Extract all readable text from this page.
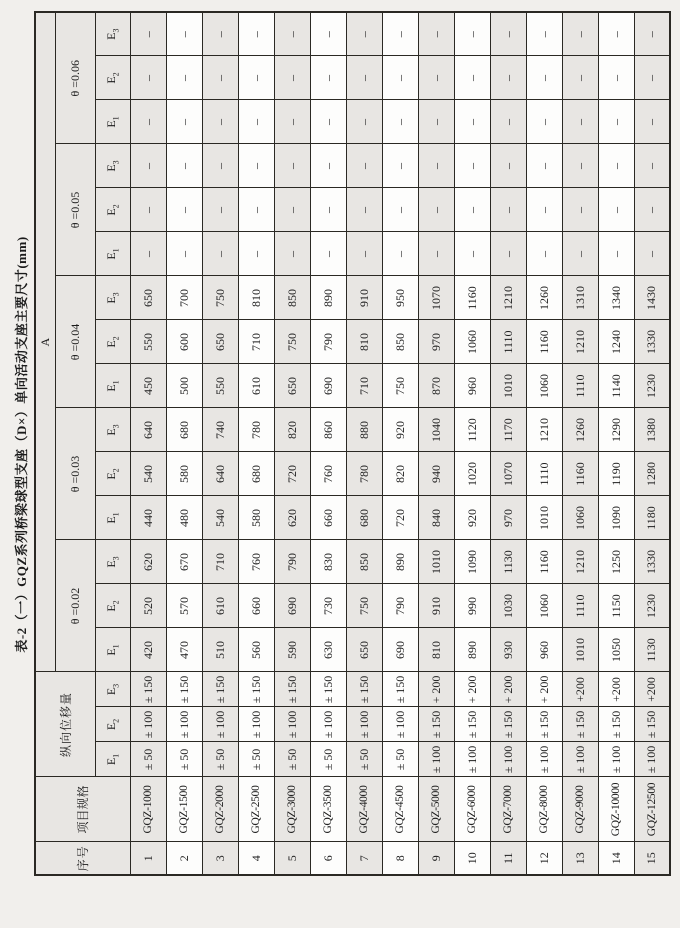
表-2（一）GQZ系列桥梁球型支座（D×）单向活动支座主要尺寸(mm)
序号	项目规格	纵向位移量			A														
					θ =0.02			θ =0.03			θ =0.04			θ =0.05			θ =0.06		
		$E_1$	$E_2$	$E_3$	$E_1$	$E_2$	$E_3$	$E_1$	$E_2$	$E_3$	$E_1$	$E_2$	$E_3$	$E_1$	$E_2$	$E_3$	$E_1$	$E_2$	$E_3$
1	GQZ-1000	± 50	± 100	± 150	420	520	620	440	540	640	450	550	650	–	–	–	–	–	–
2	GQZ-1500	± 50	± 100	± 150	470	570	670	480	580	680	500	600	700	–	–	–	–	–	–
3	GQZ-2000	± 50	± 100	± 150	510	610	710	540	640	740	550	650	750	–	–	–	–	–	–
4	GQZ-2500	± 50	± 100	± 150	560	660	760	580	680	780	610	710	810	–	–	–	–	–	–
5	GQZ-3000	± 50	± 100	± 150	590	690	790	620	720	820	650	750	850	–	–	–	–	–	–
6	GQZ-3500	± 50	± 100	± 150	630	730	830	660	760	860	690	790	890	–	–	–	–	–	–
7	GQZ-4000	± 50	± 100	± 150	650	750	850	680	780	880	710	810	910	–	–	–	–	–	–
8	GQZ-4500	± 50	± 100	± 150	690	790	890	720	820	920	750	850	950	–	–	–	–	–	–
9	GQZ-5000	± 100	± 150	+ 200	810	910	1010	840	940	1040	870	970	1070	–	–	–	–	–	–
10	GQZ-6000	± 100	± 150	+ 200	890	990	1090	920	1020	1120	960	1060	1160	–	–	–	–	–	–
11	GQZ-7000	± 100	± 150	+ 200	930	1030	1130	970	1070	1170	1010	1110	1210	–	–	–	–	–	–
12	GQZ-8000	± 100	± 150	+ 200	960	1060	1160	1010	1110	1210	1060	1160	1260	–	–	–	–	–	–
13	GQZ-9000	± 100	± 150	+200	1010	1110	1210	1060	1160	1260	1110	1210	1310	–	–	–	–	–	–
14	GQZ-10000	± 100	± 150	+200	1050	1150	1250	1090	1190	1290	1140	1240	1340	–	–	–	–	–	–
15	GQZ-12500	± 100	± 150	+200	1130	1230	1330	1180	1280	1380	1230	1330	1430	–	–	–	–	–	–
